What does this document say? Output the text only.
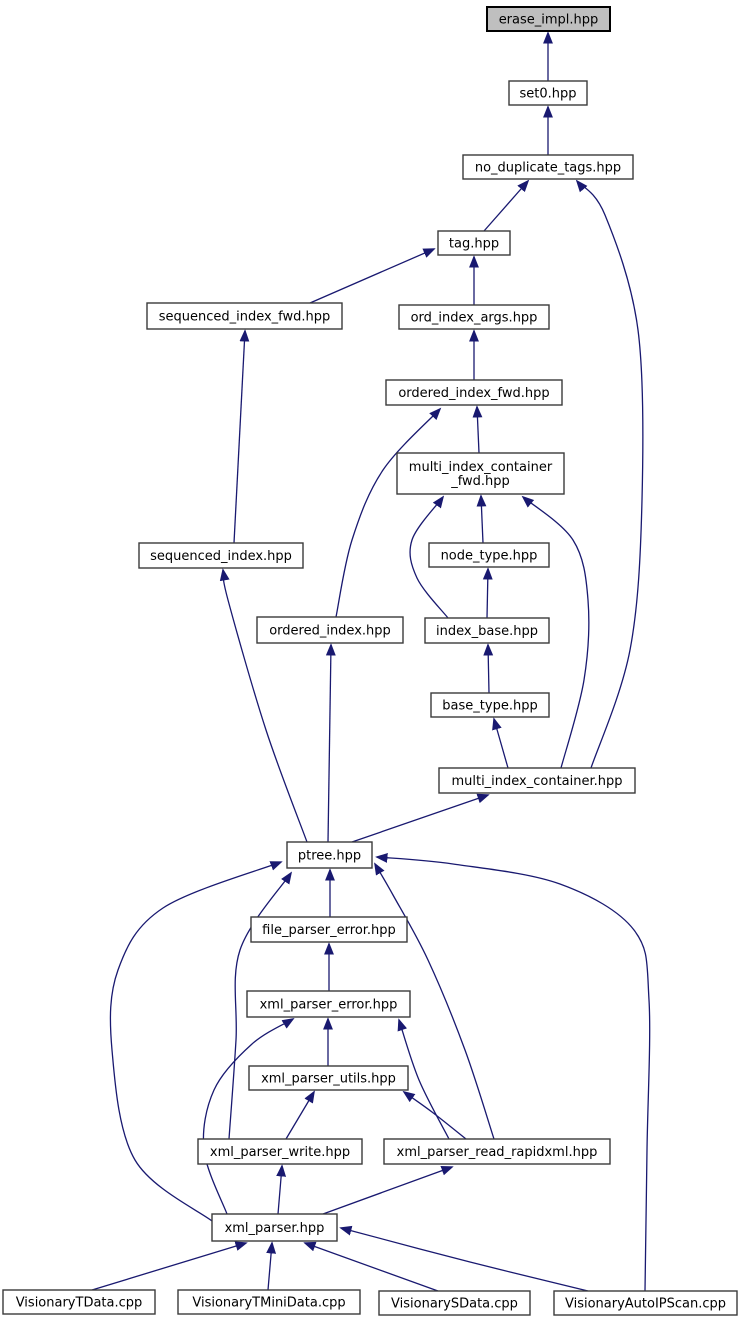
erase_impl.hpp
set0.hpp
no_duplicate_tags.hpp
tag.hpp
sequenced_index_fwd.hpp	ord_index_args.hpp
ordered_index_fwd.hpp
multi_index_container _fwd.hpp
sequenced_index.hpp	node_type.hpp
ordered_index.hpp	index_base.hpp
base_type.hpp
multi_index_container.hpp
ptree.hpp
file_parser_error.hpp
xml_parser_error.hpp
xml_parser_utils.hpp
xml_parser_write.hpp	xml_parser_read_rapidxml.hpp
xml_parser.hpp
VisionaryTData.cpp	VisionaryTMiniData.cpp	VisionarySData.cpp	VisionaryAutoIPScan.cpp
